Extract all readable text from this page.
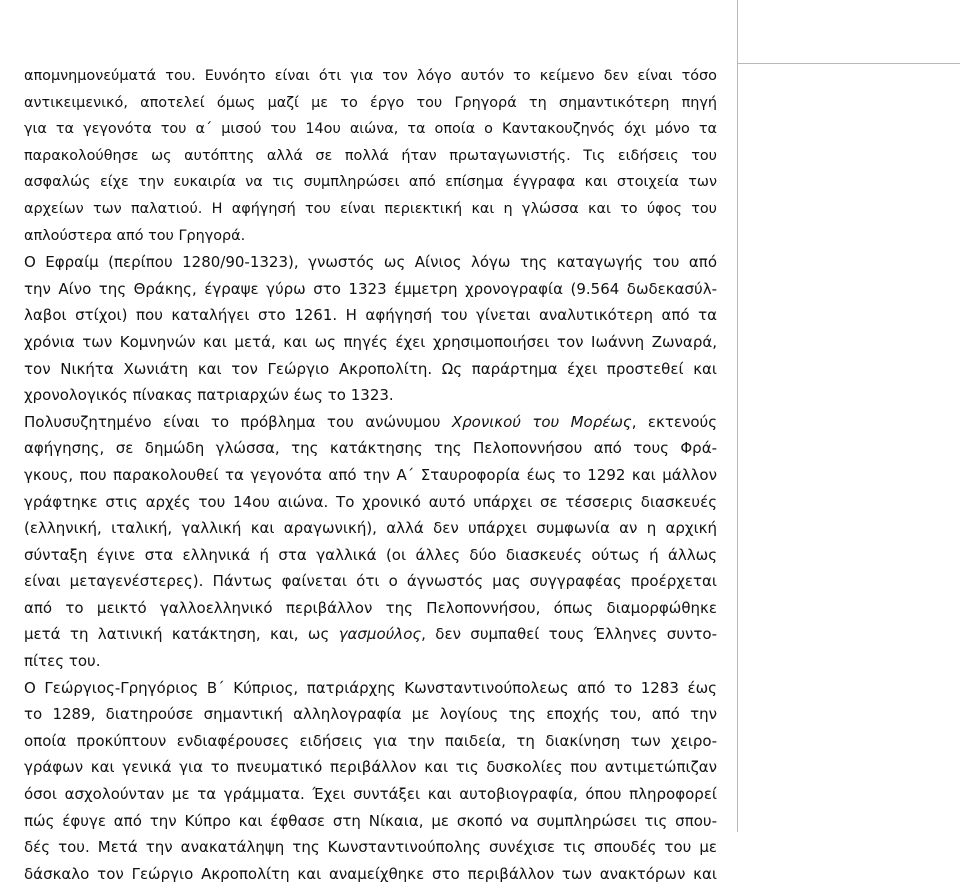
απομνημονεύματά του. Ευνόητο είναι ότι για τον λόγο αυτόν το κείμενο δεν είναι τόσο
αντικειμενικό, αποτελεί όμως μαζί με το έργο του Γρηγορά τη σημαντικότερη πηγή
για τα γεγονότα του α΄ μισού του 14ου αιώνα, τα οποία ο Καντακουζηνός όχι μόνο τα
παρακολούθησε ως αυτόπτης αλλά σε πολλά ήταν πρωταγωνιστής. Τις ειδήσεις του
ασφαλώς είχε την ευκαιρία να τις συμπληρώσει από επίσημα έγγραφα και στοιχεία των
αρχείων των παλατιού. Η αφήγησή του είναι περιεκτική και η γλώσσα και το ύφος του
απλούστερα από του Γρηγορά.
Ο Εφραίμ (περίπου 1280/90-1323), γνωστός ως Αίνιος λόγω της καταγωγής του από
την Αίνο της Θράκης, έγραψε γύρω στο 1323 έμμετρη χρονογραφία (9.564 δωδεκασύλ-
λαβοι στίχοι) που καταλήγει στο 1261. Η αφήγησή του γίνεται αναλυτικότερη από τα
χρόνια των Κομνηνών και μετά, και ως πηγές έχει χρησιμοποιήσει τον Ιωάννη Ζωναρά,
τον Νικήτα Χωνιάτη και τον Γεώργιο Ακροπολίτη. Ως παράρτημα έχει προστεθεί και
χρονολογικός πίνακας πατριαρχών έως το 1323.
Πολυσυζητημένο είναι το πρόβλημα του ανώνυμου Χρονικού του Μορέως, εκτενούς
αφήγησης, σε δημώδη γλώσσα, της κατάκτησης της Πελοποννήσου από τους Φρά-
γκους, που παρακολουθεί τα γεγονότα από την Α΄ Σταυροφορία έως το 1292 και μάλλον
γράφτηκε στις αρχές του 14ου αιώνα. Το χρονικό αυτό υπάρχει σε τέσσερις διασκευές
(ελληνική, ιταλική, γαλλική και αραγωνική), αλλά δεν υπάρχει συμφωνία αν η αρχική
σύνταξη έγινε στα ελληνικά ή στα γαλλικά (οι άλλες δύο διασκευές ούτως ή άλλως
είναι μεταγενέστερες). Πάντως φαίνεται ότι ο άγνωστός μας συγγραφέας προέρχεται
από το μεικτό γαλλοελληνικό περιβάλλον της Πελοποννήσου, όπως διαμορφώθηκε
μετά τη λατινική κατάκτηση, και, ως γασμούλος, δεν συμπαθεί τους Έλληνες συντο-
πίτες του.
Ο Γεώργιος-Γρηγόριος Β΄ Κύπριος, πατριάρχης Κωνσταντινούπολεως από το 1283 έως
το 1289, διατηρούσε σημαντική αλληλογραφία με λογίους της εποχής του, από την
οποία προκύπτουν ενδιαφέρουσες ειδήσεις για την παιδεία, τη διακίνηση των χειρο-
γράφων και γενικά για το πνευματικό περιβάλλον και τις δυσκολίες που αντιμετώπιζαν
όσοι ασχολούνταν με τα γράμματα. Έχει συντάξει και αυτοβιογραφία, όπου πληροφορεί
πώς έφυγε από την Κύπρο και έφθασε στη Νίκαια, με σκοπό να συμπληρώσει τις σπου-
δές του. Μετά την ανακατάληψη της Κωνσταντινούπολης συνέχισε τις σπουδές του με
δάσκαλο τον Γεώργιο Ακροπολίτη και αναμείχθηκε στο περιβάλλον των ανακτόρων και
